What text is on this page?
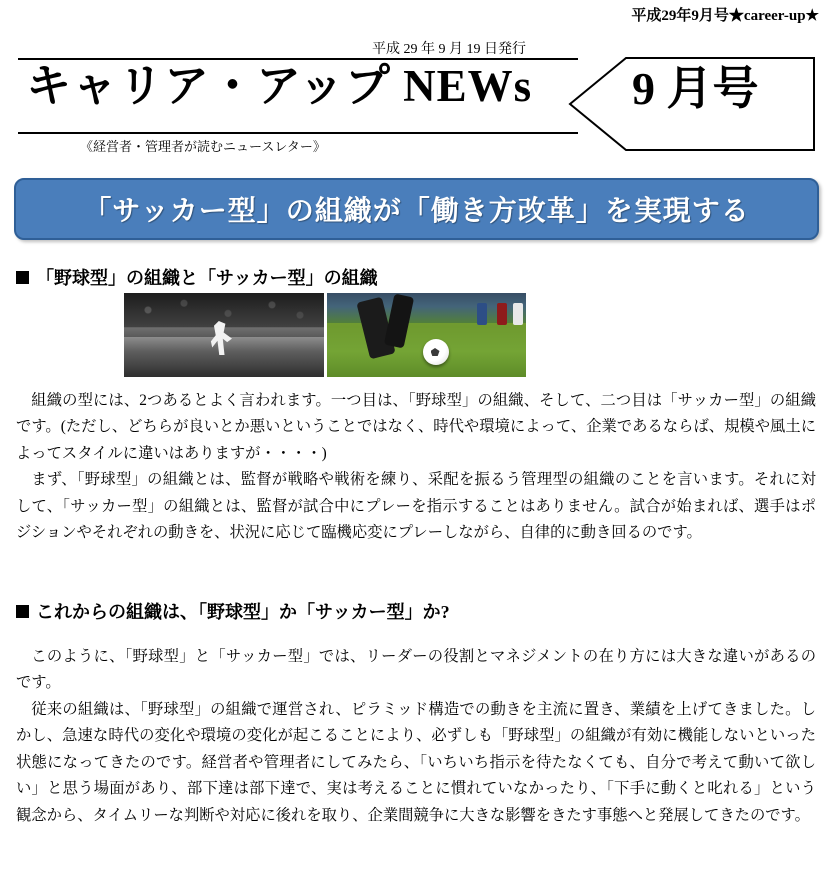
平成29年9月号★career-up★
平成 29 年 9 月 19 日発行
キャリア・アップ NEWs
《経営者・管理者が読むニュースレター》
9 月号
「サッカー型」の組織が「働き方改革」を実現する
「野球型」の組織と「サッカー型」の組織

組織の型には、2つあるとよく言われます。一つ目は、「野球型」の組織、そして、二つ目は「サッカー型」の組織です。(ただし、どちらが良いとか悪いということではなく、時代や環境によって、企業であるならば、規模や風土によってスタイルに違いはありますが・・・・)

まず、「野球型」の組織とは、監督が戦略や戦術を練り、采配を振るう管理型の組織のことを言います。それに対して、「サッカー型」の組織とは、監督が試合中にプレーを指示することはありません。試合が始まれば、選手はポジションやそれぞれの動きを、状況に応じて臨機応変にプレーしながら、自律的に動き回るのです。

これからの組織は、「野球型」か「サッカー型」か?

このように、「野球型」と「サッカー型」では、リーダーの役割とマネジメントの在り方には大きな違いがあるのです。

従来の組織は、「野球型」の組織で運営され、ピラミッド構造での動きを主流に置き、業績を上げてきました。しかし、急速な時代の変化や環境の変化が起こることにより、必ずしも「野球型」の組織が有効に機能しないといった状態になってきたのです。経営者や管理者にしてみたら、「いちいち指示を待たなくても、自分で考えて動いて欲しい」と思う場面があり、部下達は部下達で、実は考えることに慣れていなかったり、「下手に動くと叱れる」という観念から、タイムリーな判断や対応に後れを取り、企業間競争に大きな影響をきたす事態へと発展してきたのです。
